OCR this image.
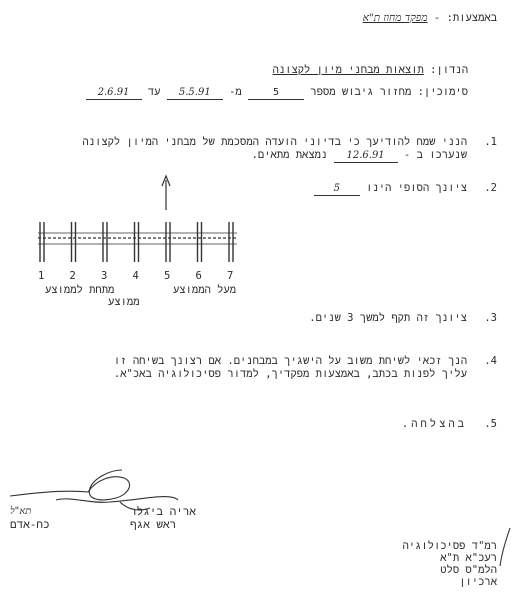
באמצעות: - מפקד מחוז ת"א
הנדון: תוצאות מבחני מיון לקצונה
סימוכין: מחזור גיבוש מספר 5 מ- 5.5.91 עד 2.6.91
1.
הנני שמח להודיעך כי בדיוני הועדה המסכמת של מבחני המיון לקצונה
שנערכו ב - 12.6.91 נמצאת מתאים.
2.
ציונך הסופי הינו 5
1 2 3 4 5 6 7
מתחת לממוצע
ממוצע
מעל הממוצע
3.
ציונך זה תקף למשך 3 שנים.
4.
הנך זכאי לשיחת משוב על הישגיך במבחנים. אם רצונך בשיחה זו
עליך לפנות בכתב, באמצעות מפקדיך, למדור פסיכולוגיה באכ"א.
5.
בהצלחה.
אריה ביגלר
תא"ל
ראש אגף
כח-אדם
רמ"ד פסיכולוגיה
רעכ"א ת"א
הלמ"ס סלט
ארכיון
